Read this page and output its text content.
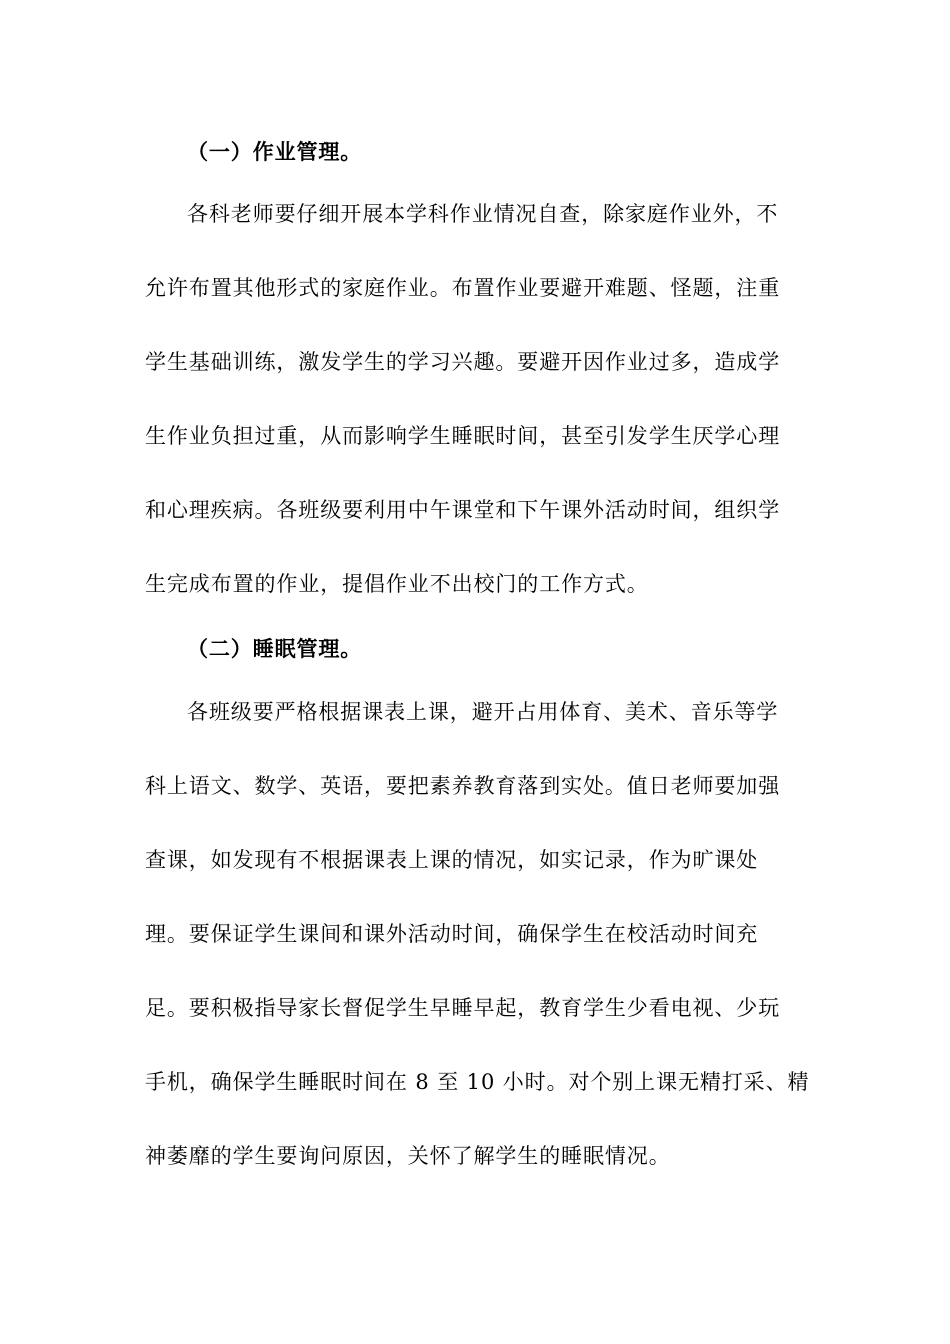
（一）作业管理。
各科老师要仔细开展本学科作业情况自查，除家庭作业外，不
允许布置其他形式的家庭作业。布置作业要避开难题、怪题，注重
学生基础训练，激发学生的学习兴趣。要避开因作业过多，造成学
生作业负担过重，从而影响学生睡眠时间，甚至引发学生厌学心理
和心理疾病。各班级要利用中午课堂和下午课外活动时间，组织学
生完成布置的作业，提倡作业不出校门的工作方式。
（二）睡眠管理。
各班级要严格根据课表上课，避开占用体育、美术、音乐等学
科上语文、数学、英语，要把素养教育落到实处。值日老师要加强
查课，如发现有不根据课表上课的情况，如实记录，作为旷课处
理。要保证学生课间和课外活动时间，确保学生在校活动时间充
足。要积极指导家长督促学生早睡早起，教育学生少看电视、少玩
手机，确保学生睡眠时间在 8 至 10 小时。对个别上课无精打采、精
神萎靡的学生要询问原因，关怀了解学生的睡眠情况。
